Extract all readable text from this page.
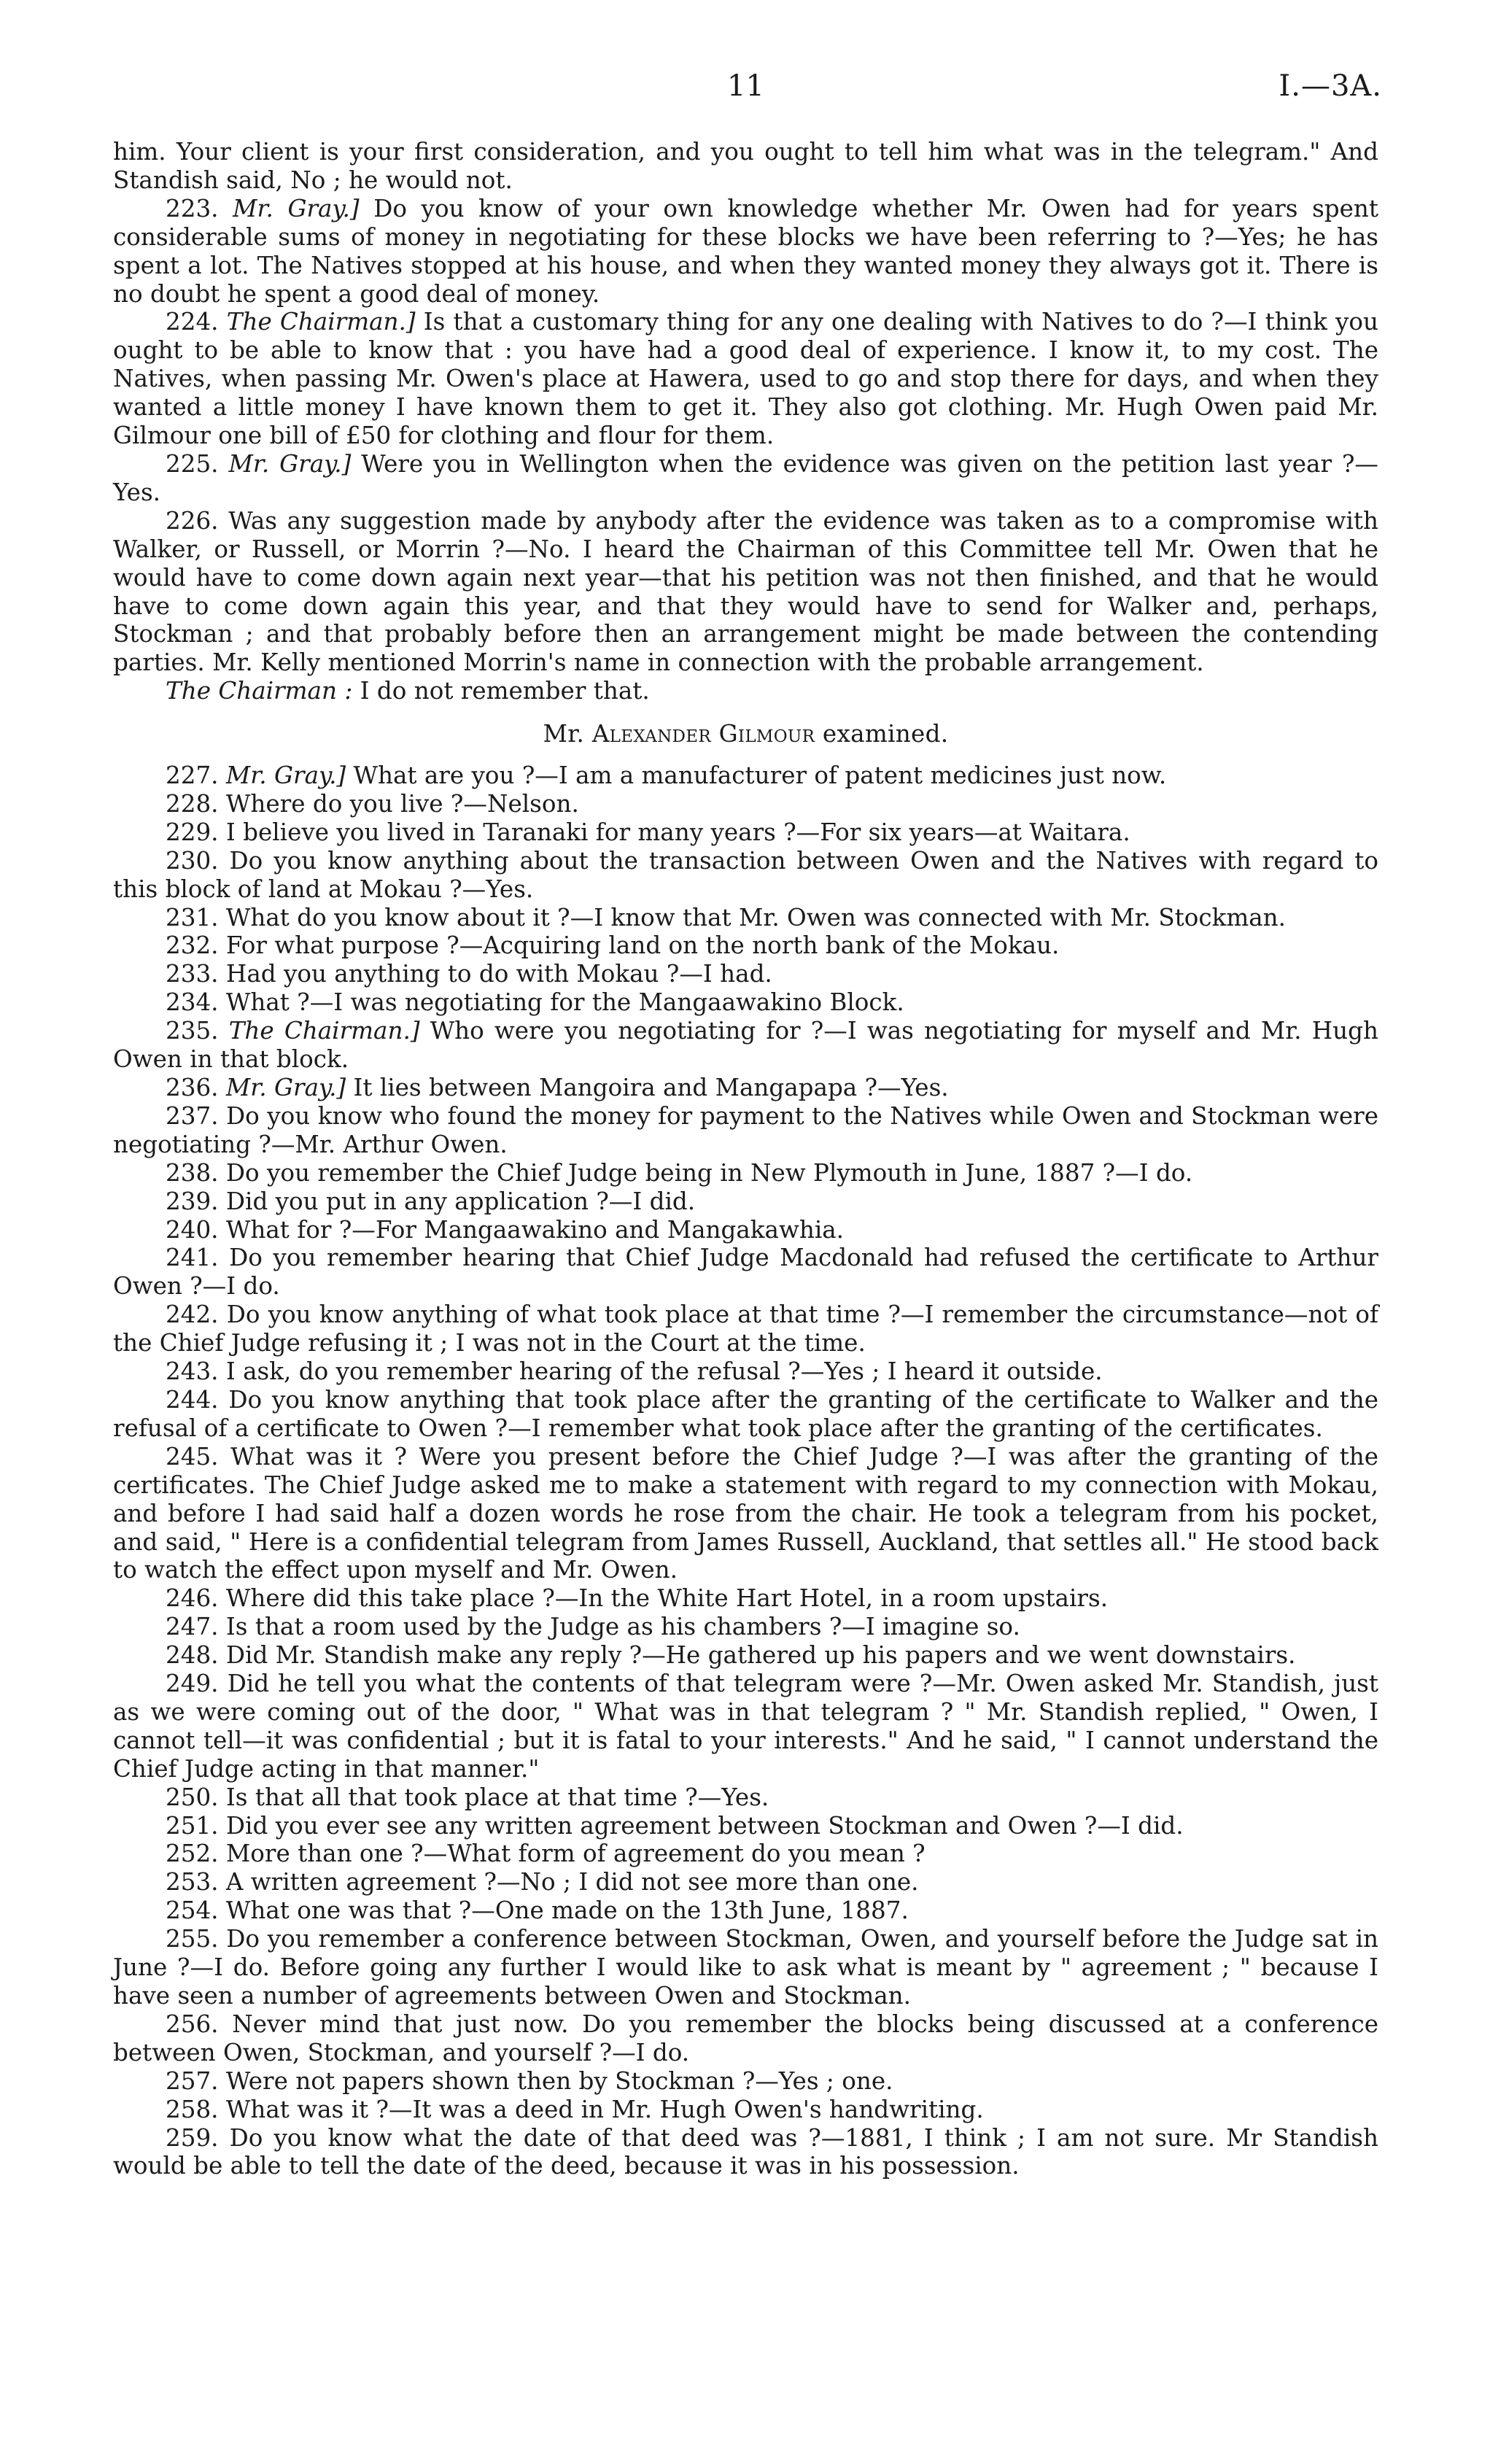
11	I.—3A.

him. Your client is your first consideration, and you ought to tell him what was in the telegram." And Standish said, No ; he would not.

223. Mr. Gray.] Do you know of your own knowledge whether Mr. Owen had for years spent considerable sums of money in negotiating for these blocks we have been referring to ?—Yes; he has spent a lot. The Natives stopped at his house, and when they wanted money they always got it. There is no doubt he spent a good deal of money.

224. The Chairman.] Is that a customary thing for any one dealing with Natives to do ?—I think you ought to be able to know that : you have had a good deal of experience. I know it, to my cost. The Natives, when passing Mr. Owen's place at Hawera, used to go and stop there for days, and when they wanted a little money I have known them to get it. They also got clothing. Mr. Hugh Owen paid Mr. Gilmour one bill of £50 for clothing and flour for them.

225. Mr. Gray.] Were you in Wellington when the evidence was given on the petition last year ?—Yes.

226. Was any suggestion made by anybody after the evidence was taken as to a compromise with Walker, or Russell, or Morrin ?—No. I heard the Chairman of this Committee tell Mr. Owen that he would have to come down again next year—that his petition was not then finished, and that he would have to come down again this year, and that they would have to send for Walker and, perhaps, Stockman ; and that probably before then an arrangement might be made between the contending parties. Mr. Kelly mentioned Morrin's name in connection with the probable arrangement.

The Chairman : I do not remember that.

Mr. Alexander Gilmour examined.

227. Mr. Gray.] What are you ?—I am a manufacturer of patent medicines just now.

228. Where do you live ?—Nelson.

229. I believe you lived in Taranaki for many years ?—For six years—at Waitara.

230. Do you know anything about the transaction between Owen and the Natives with regard to this block of land at Mokau ?—Yes.

231. What do you know about it ?—I know that Mr. Owen was connected with Mr. Stockman.

232. For what purpose ?—Acquiring land on the north bank of the Mokau.

233. Had you anything to do with Mokau ?—I had.

234. What ?—I was negotiating for the Mangaawakino Block.

235. The Chairman.] Who were you negotiating for ?—I was negotiating for myself and Mr. Hugh Owen in that block.

236. Mr. Gray.] It lies between Mangoira and Mangapapa ?—Yes.

237. Do you know who found the money for payment to the Natives while Owen and Stockman were negotiating ?—Mr. Arthur Owen.

238. Do you remember the Chief Judge being in New Plymouth in June, 1887 ?—I do.

239. Did you put in any application ?—I did.

240. What for ?—For Mangaawakino and Mangakawhia.

241. Do you remember hearing that Chief Judge Macdonald had refused the certificate to Arthur Owen ?—I do.

242. Do you know anything of what took place at that time ?—I remember the circumstance—not of the Chief Judge refusing it ; I was not in the Court at the time.

243. I ask, do you remember hearing of the refusal ?—Yes ; I heard it outside.

244. Do you know anything that took place after the granting of the certificate to Walker and the refusal of a certificate to Owen ?—I remember what took place after the granting of the certificates.

245. What was it ? Were you present before the Chief Judge ?—I was after the granting of the certificates. The Chief Judge asked me to make a statement with regard to my connection with Mokau, and before I had said half a dozen words he rose from the chair. He took a telegram from his pocket, and said, " Here is a confidential telegram from James Russell, Auckland, that settles all." He stood back to watch the effect upon myself and Mr. Owen.

246. Where did this take place ?—In the White Hart Hotel, in a room upstairs.

247. Is that a room used by the Judge as his chambers ?—I imagine so.

248. Did Mr. Standish make any reply ?—He gathered up his papers and we went downstairs.

249. Did he tell you what the contents of that telegram were ?—Mr. Owen asked Mr. Standish, just as we were coming out of the door, " What was in that telegram ? " Mr. Standish replied, " Owen, I cannot tell—it was confidential ; but it is fatal to your interests." And he said, " I cannot understand the Chief Judge acting in that manner."

250. Is that all that took place at that time ?—Yes.

251. Did you ever see any written agreement between Stockman and Owen ?—I did.

252. More than one ?—What form of agreement do you mean ?

253. A written agreement ?—No ; I did not see more than one.

254. What one was that ?—One made on the 13th June, 1887.

255. Do you remember a conference between Stockman, Owen, and yourself before the Judge sat in June ?—I do. Before going any further I would like to ask what is meant by " agreement ; " because I have seen a number of agreements between Owen and Stockman.

256. Never mind that just now. Do you remember the blocks being discussed at a conference between Owen, Stockman, and yourself ?—I do.

257. Were not papers shown then by Stockman ?—Yes ; one.

258. What was it ?—It was a deed in Mr. Hugh Owen's handwriting.

259. Do you know what the date of that deed was ?—1881, I think ; I am not sure. Mr Standish would be able to tell the date of the deed, because it was in his possession.
